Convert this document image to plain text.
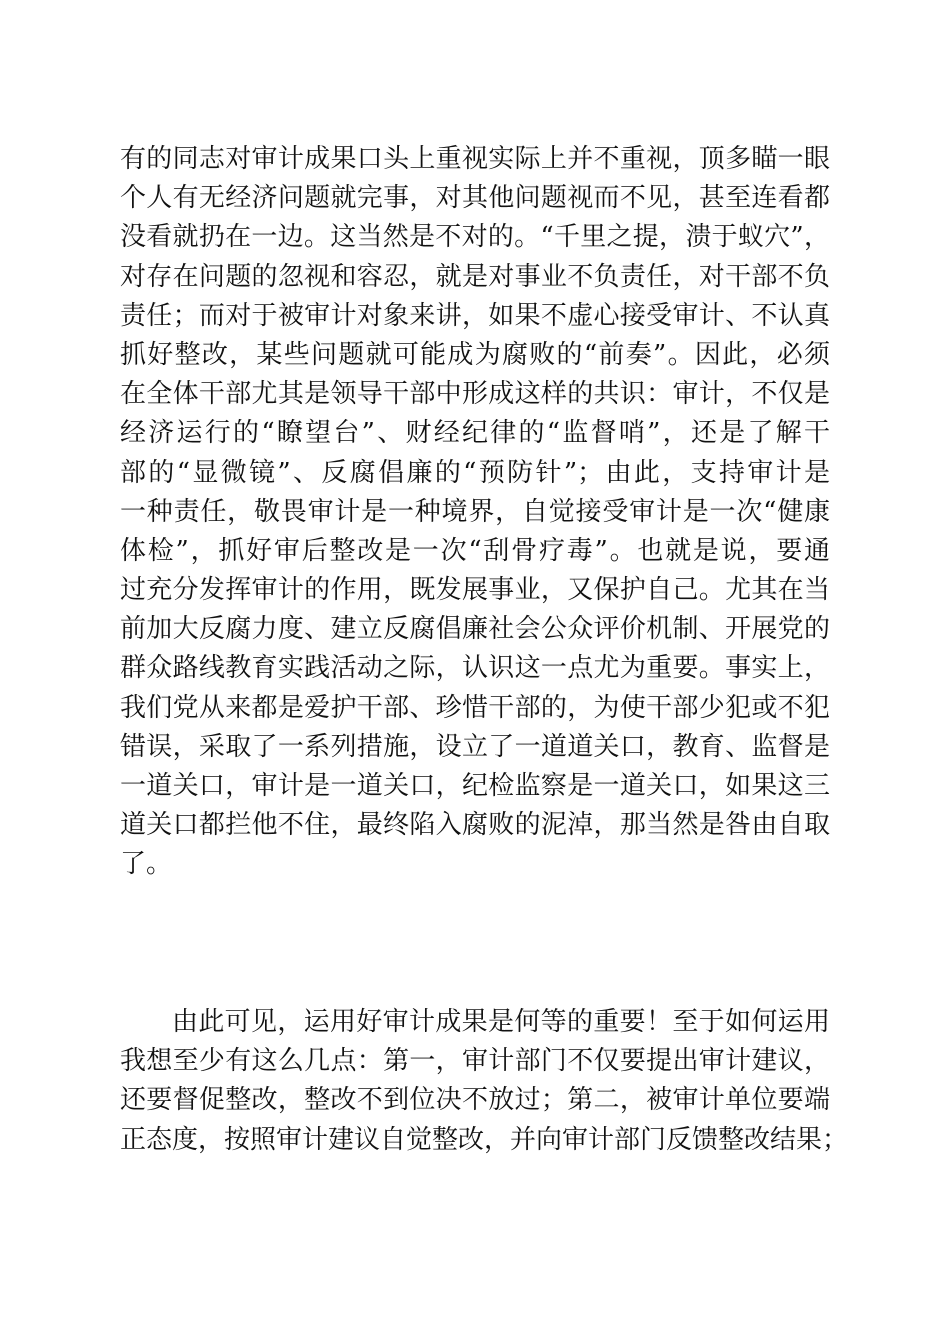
有的同志对审计成果口头上重视实际上并不重视，顶多瞄一眼
个人有无经济问题就完事，对其他问题视而不见，甚至连看都
没看就扔在一边。这当然是不对的。“千里之提，溃于蚁穴”，
对存在问题的忽视和容忍，就是对事业不负责任，对干部不负
责任；而对于被审计对象来讲，如果不虚心接受审计、不认真
抓好整改，某些问题就可能成为腐败的“前奏”。因此，必须
在全体干部尤其是领导干部中形成这样的共识：审计，不仅是
经济运行的“瞭望台”、财经纪律的“监督哨”，还是了解干
部的“显微镜”、反腐倡廉的“预防针”；由此，支持审计是
一种责任，敬畏审计是一种境界，自觉接受审计是一次“健康
体检”，抓好审后整改是一次“刮骨疗毒”。也就是说，要通
过充分发挥审计的作用，既发展事业，又保护自己。尤其在当
前加大反腐力度、建立反腐倡廉社会公众评价机制、开展党的
群众路线教育实践活动之际，认识这一点尤为重要。事实上，
我们党从来都是爱护干部、珍惜干部的，为使干部少犯或不犯
错误，采取了一系列措施，设立了一道道关口，教育、监督是
一道关口，审计是一道关口，纪检监察是一道关口，如果这三
道关口都拦他不住，最终陷入腐败的泥淖，那当然是咎由自取
了。
由此可见，运用好审计成果是何等的重要！至于如何运用
我想至少有这么几点：第一，审计部门不仅要提出审计建议，
还要督促整改，整改不到位决不放过；第二，被审计单位要端
正态度，按照审计建议自觉整改，并向审计部门反馈整改结果；
